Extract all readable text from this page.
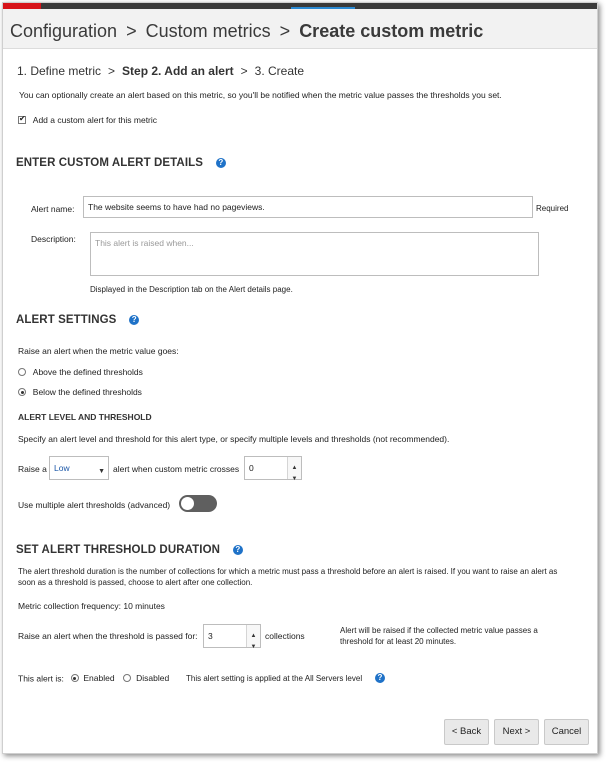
Configuration > Custom metrics > Create custom metric
1. Define metric > Step 2. Add an alert > 3. Create
You can optionally create an alert based on this metric, so you'll be notified when the metric value passes the thresholds you set.
✔ Add a custom alert for this metric
ENTER CUSTOM ALERT DETAILS ?
Alert name:	The website seems to have had no pageviews.	Required
Description:	This alert is raised when...
Displayed in the Description tab on the Alert details page.
ALERT SETTINGS ?
Raise an alert when the metric value goes:
Above the defined thresholds
Below the defined thresholds
ALERT LEVEL AND THRESHOLD
Specify an alert level and threshold for this alert type, or specify multiple levels and thresholds (not recommended).
Raise a Low	▼ alert when custom metric crosses	0	▲
▼
Use multiple alert thresholds (advanced)
SET ALERT THRESHOLD DURATION ?
The alert threshold duration is the number of collections for which a metric must pass a threshold before an alert is raised. If you want to raise an alert as
soon as a threshold is passed, choose to alert after one collection.
Metric collection frequency: 10 minutes
Raise an alert when the threshold is passed for:	3	▲
▼
collections
Alert will be raised if the collected metric value passes a
threshold for at least 20 minutes.
This alert is: Enabled	Disabled This alert setting is applied at the All Servers level ?
< Back	Next >	Cancel
